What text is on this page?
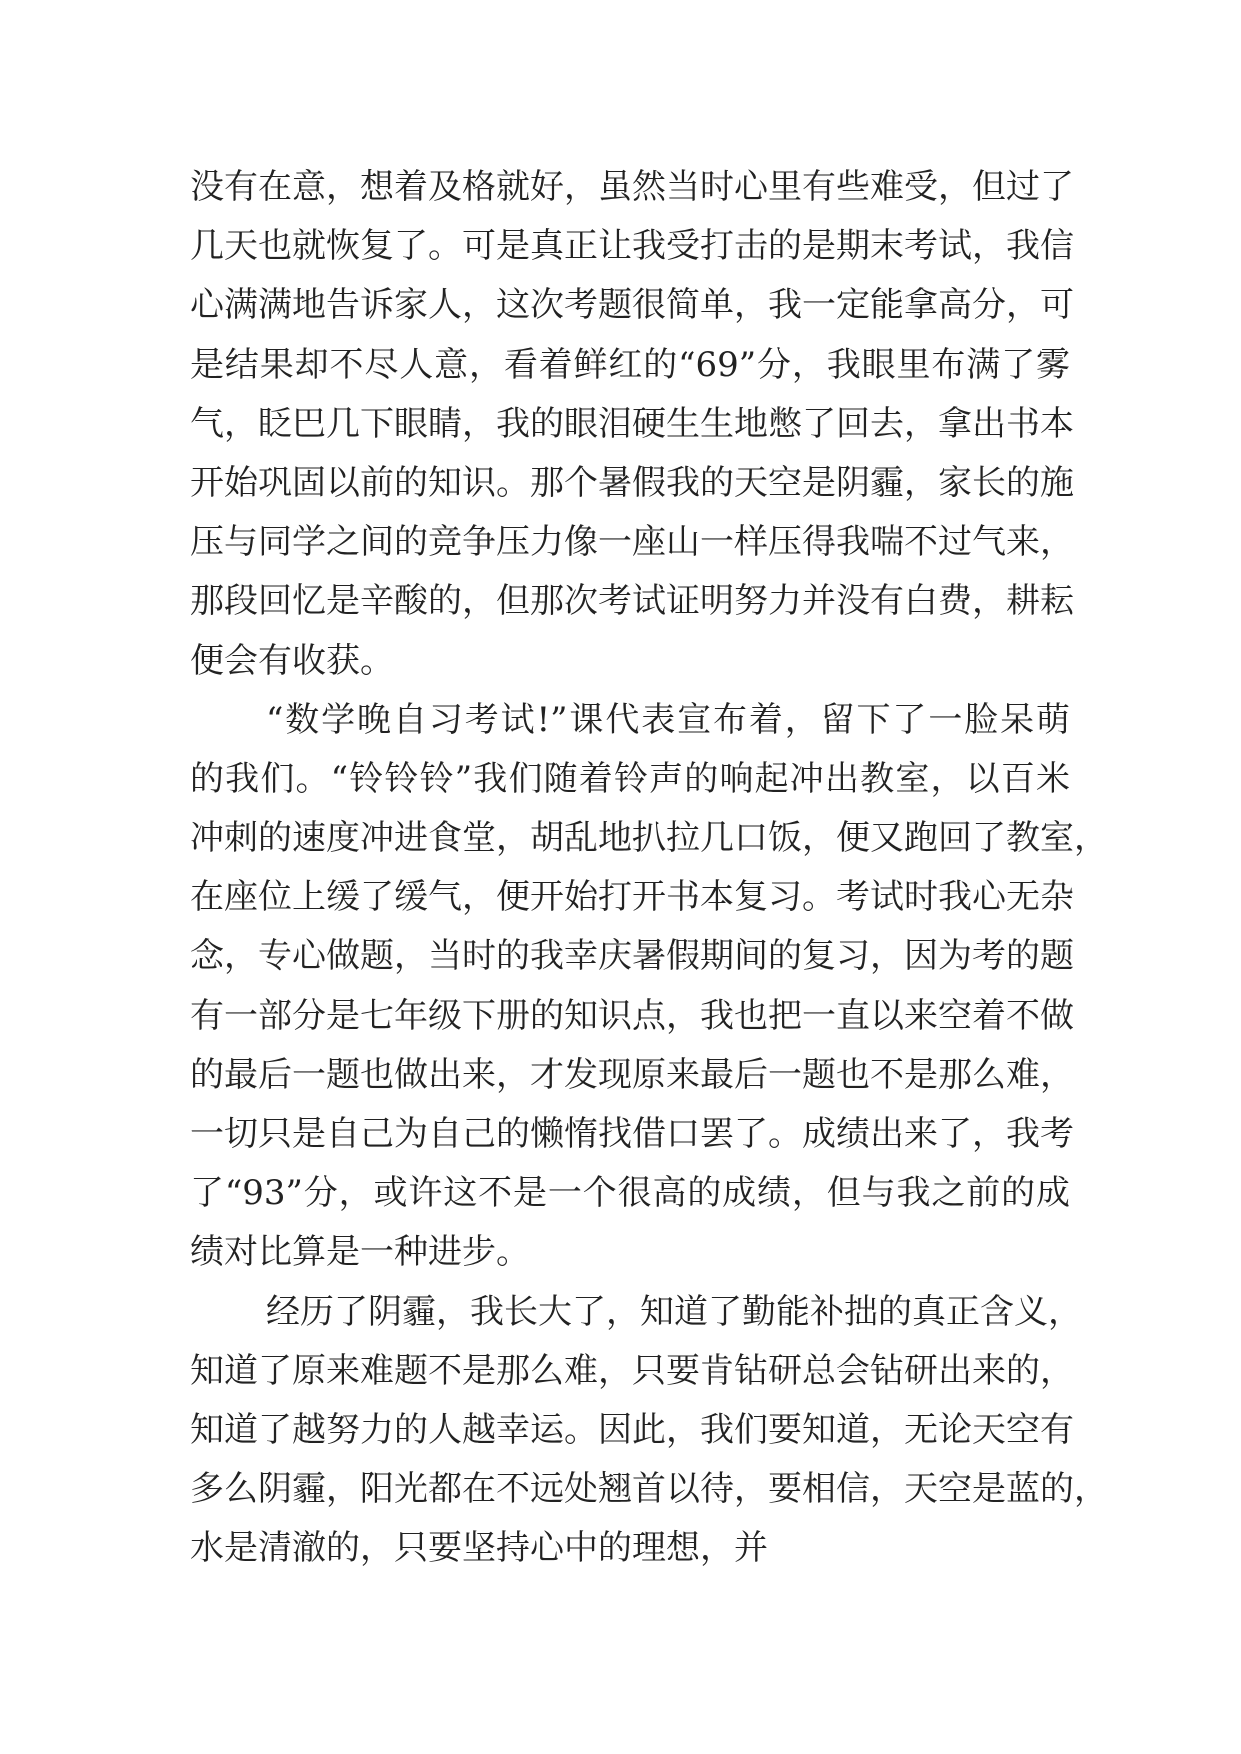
没有在意，想着及格就好，虽然当时心里有些难受，但过了
几天也就恢复了。可是真正让我受打击的是期末考试，我信
心满满地告诉家人，这次考题很简单，我一定能拿高分，可
是结果却不尽人意，看着鲜红的“69”分，我眼里布满了雾
气，眨巴几下眼睛，我的眼泪硬生生地憋了回去，拿出书本
开始巩固以前的知识。那个暑假我的天空是阴霾，家长的施
压与同学之间的竞争压力像一座山一样压得我喘不过气来，
那段回忆是辛酸的，但那次考试证明努力并没有白费，耕耘
便会有收获。
“数学晚自习考试!”课代表宣布着，留下了一脸呆萌
的我们。“铃铃铃”我们随着铃声的响起冲出教室，以百米
冲刺的速度冲进食堂，胡乱地扒拉几口饭，便又跑回了教室，
在座位上缓了缓气，便开始打开书本复习。考试时我心无杂
念，专心做题，当时的我幸庆暑假期间的复习，因为考的题
有一部分是七年级下册的知识点，我也把一直以来空着不做
的最后一题也做出来，才发现原来最后一题也不是那么难，
一切只是自己为自己的懒惰找借口罢了。成绩出来了，我考
了“93”分，或许这不是一个很高的成绩，但与我之前的成
绩对比算是一种进步。
经历了阴霾，我长大了，知道了勤能补拙的真正含义，
知道了原来难题不是那么难，只要肯钻研总会钻研出来的，
知道了越努力的人越幸运。因此，我们要知道，无论天空有
多么阴霾，阳光都在不远处翘首以待，要相信，天空是蓝的，
水是清澈的，只要坚持心中的理想，并
